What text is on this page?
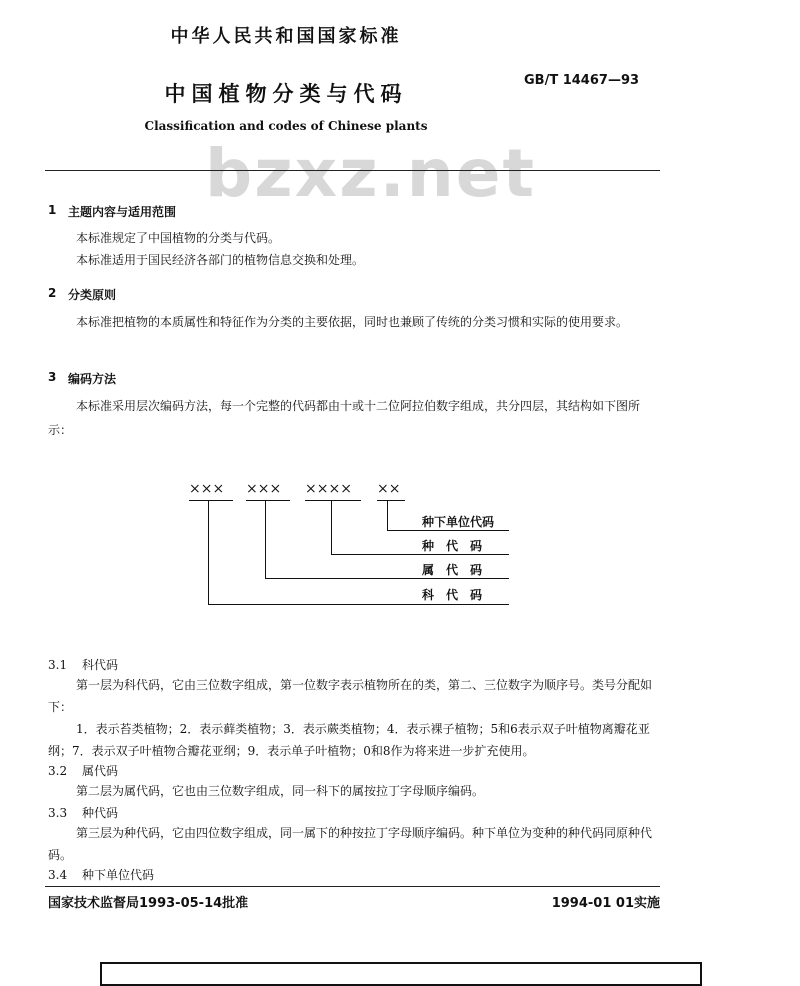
中华人民共和国国家标准
bzxz.net
中国植物分类与代码
GB/T 14467—93
Classification and codes of Chinese plants
1 主题内容与适用范围
本标准规定了中国植物的分类与代码。
本标准适用于国民经济各部门的植物信息交换和处理。
2 分类原则
本标准把植物的本质属性和特征作为分类的主要依据，同时也兼顾了传统的分类习惯和实际的使用要求。
3 编码方法
本标准采用层次编码方法，每一个完整的代码都由十或十二位阿拉伯数字组成，共分四层，其结构如下图所示：
××× ××× ×××× ××
种下单位代码
种　代　码
属　代　码
科　代　码
3.1 科代码
第一层为科代码，它由三位数字组成，第一位数字表示植物所在的类，第二、三位数字为顺序号。类号分配如下：
1．表示苔类植物；2．表示藓类植物；3．表示蕨类植物；4．表示裸子植物；5和6表示双子叶植物离瓣花亚纲；7．表示双子叶植物合瓣花亚纲；9．表示单子叶植物；0和8作为将来进一步扩充使用。
3.2 属代码
第二层为属代码，它也由三位数字组成，同一科下的属按拉丁字母顺序编码。
3.3 种代码
第三层为种代码，它由四位数字组成，同一属下的种按拉丁字母顺序编码。种下单位为变种的种代码同原种代码。
3.4 种下单位代码
国家技术监督局1993-05-14批准	1994-01 01实施
